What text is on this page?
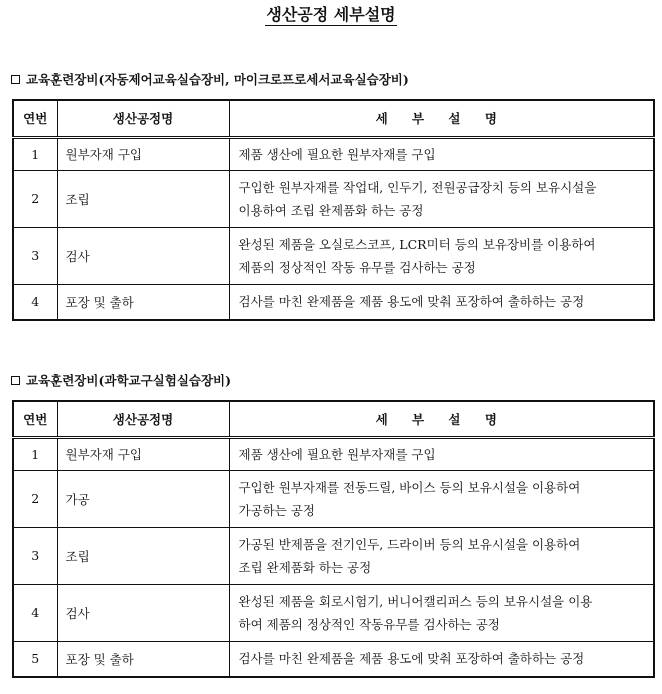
생산공정 세부설명
교육훈련장비(자동제어교육실습장비, 마이크로프로세서교육실습장비)
연번	생산공정명	세 부 설 명
1	원부자재 구입	제품 생산에 필요한 원부자재를 구입

2	조립	구입한 원부자재를 작업대, 인두기, 전원공급장치 등의 보유시설을
이용하여 조립 완제품화 하는 공정

3	검사	완성된 제품을 오실로스코프, LCR미터 등의 보유장비를 이용하여
제품의 정상적인 작동 유무를 검사하는 공정

4	포장 및 출하	검사를 마친 완제품을 제품 용도에 맞춰 포장하여 출하하는 공정
교육훈련장비(과학교구실험실습장비)
연번	생산공정명	세 부 설 명
1	원부자재 구입	제품 생산에 필요한 원부자재를 구입

2	가공	구입한 원부자재를 전동드릴, 바이스 등의 보유시설을 이용하여
가공하는 공정

3	조립	가공된 반제품을 전기인두, 드라이버 등의 보유시설을 이용하여
조립 완제품화 하는 공정

4	검사	완성된 제품을 회로시험기, 버니어캘리퍼스 등의 보유시설을 이용
하여 제품의 정상적인 작동유무를 검사하는 공정

5	포장 및 출하	검사를 마친 완제품을 제품 용도에 맞춰 포장하여 출하하는 공정
